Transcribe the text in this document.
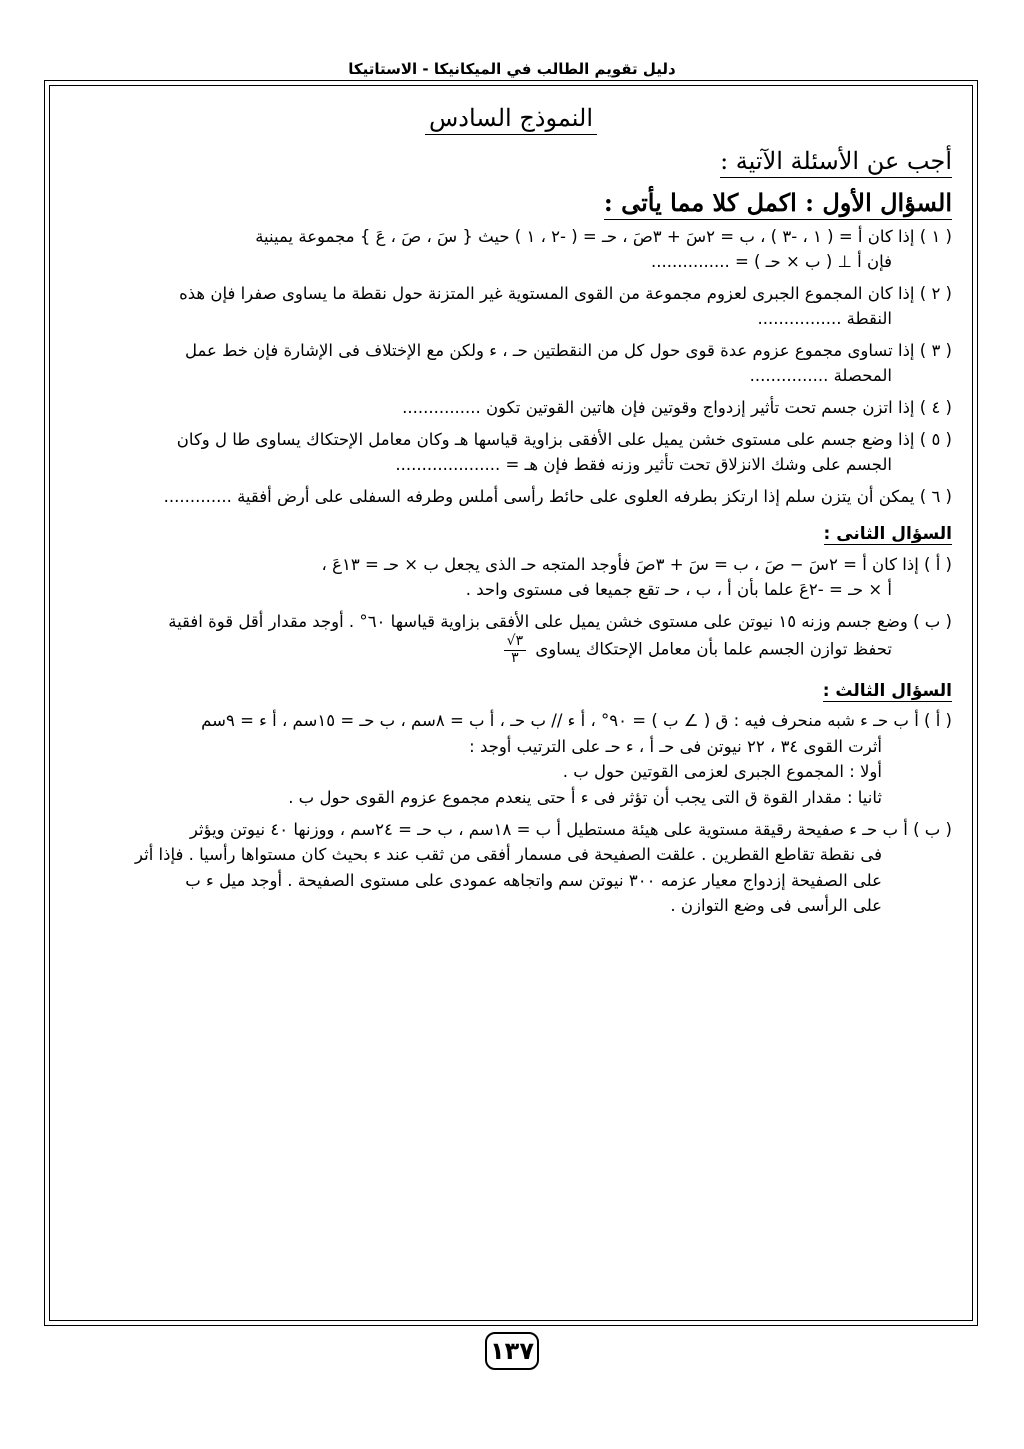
دليل تقويم الطالب في الميكانيكا - الاستاتيكا
النموذج السادس
أجب عن الأسئلة الآتية :
السؤال الأول : اكمل كلا مما يأتى :
( ١ ) إذا كان أ = ( ١ ، -٣ ) ، ب = ٢سَ + ٣صَ ، حـ = ( -٢ ، ١ ) حيث { سَ ، صَ ، عَ } مجموعة يمينية
فإن أ ⊥ ( ب × حـ ) = ...............
( ٢ ) إذا كان المجموع الجبرى لعزوم مجموعة من القوى المستوية غير المتزنة حول نقطة ما يساوى صفرا فإن هذه
النقطة ................
( ٣ ) إذا تساوى مجموع عزوم عدة قوى حول كل من النقطتين حـ ، ء ولكن مع الإختلاف فى الإشارة فإن خط عمل
المحصلة ...............
( ٤ ) إذا اتزن جسم تحت تأثير إزدواج وقوتين فإن هاتين القوتين تكون ...............
( ٥ ) إذا وضع جسم على مستوى خشن يميل على الأفقى بزاوية قياسها هـ وكان معامل الإحتكاك يساوى طا ل وكان
الجسم على وشك الانزلاق تحت تأثير وزنه فقط فإن هـ = ....................
( ٦ ) يمكن أن يتزن سلم إذا ارتكز بطرفه العلوى على حائط رأسى أملس وطرفه السفلى على أرض أفقية .............
السؤال الثانى :
( أ ) إذا كان أ = ٢سَ − صَ ، ب = سَ + ٣صَ فأوجد المتجه حـ الذى يجعل ب × حـ = ١٣عَ ،
أ × حـ = -٢عَ علما بأن أ ، ب ، حـ تقع جميعا فى مستوى واحد .
( ب ) وضع جسم وزنه ١٥ نيوتن على مستوى خشن يميل على الأفقى بزاوية قياسها ٦٠° . أوجد مقدار أقل قوة افقية
تحفظ توازن الجسم علما بأن معامل الإحتكاك يساوى
٣√
٣
السؤال الثالث :
( أ ) أ ب حـ ء شبه منحرف فيه : ق ( ∠ ب ) = ٩٠° ، أ ء // ب حـ ، أ ب = ٨سم ، ب حـ = ١٥سم ، أ ء = ٩سم
أثرت القوى ٣٤ ، ٢٢ نيوتن فى حـ أ ، ء حـ على الترتيب أوجد :
أولا : المجموع الجبرى لعزمى القوتين حول ب .
ثانيا : مقدار القوة ق التى يجب أن تؤثر فى ء أ حتى ينعدم مجموع عزوم القوى حول ب .
( ب ) أ ب حـ ء صفيحة رقيقة مستوية على هيئة مستطيل أ ب = ١٨سم ، ب حـ = ٢٤سم ، ووزنها ٤٠ نيوتن ويؤثر
فى نقطة تقاطع القطرين . علقت الصفيحة فى مسمار أفقى من ثقب عند ء بحيث كان مستواها رأسيا . فإذا أثر
على الصفيحة إزدواج معيار عزمه ٣٠٠ نيوتن سم واتجاهه عمودى على مستوى الصفيحة . أوجد ميل ء ب
على الرأسى فى وضع التوازن .
١٣٧
